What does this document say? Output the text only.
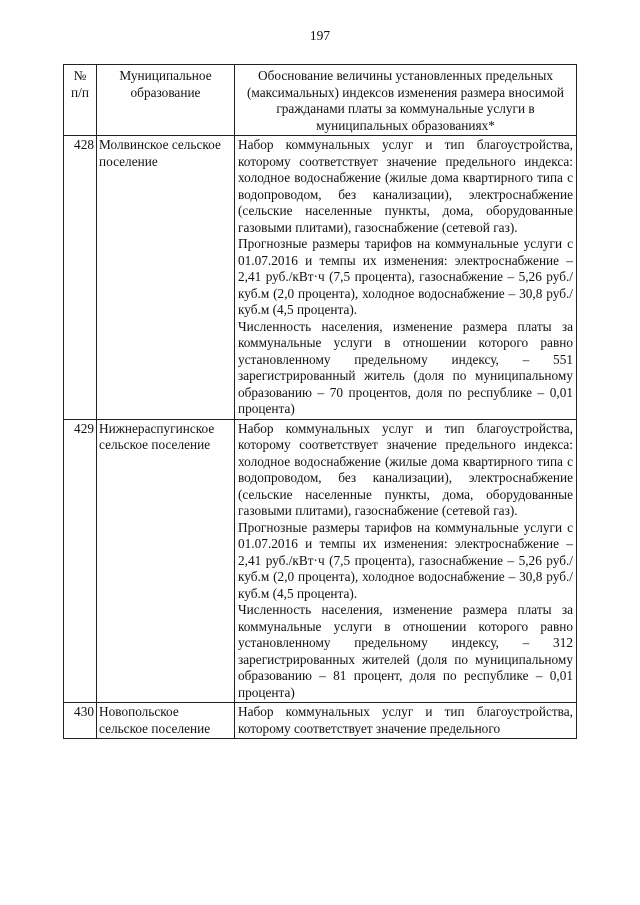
197
№ п/п	Муниципальное образование	Обоснование величины установленных предельных (максимальных) индексов изменения размера вносимой гражданами платы за коммунальные услуги в муниципальных образованиях*
428	Молвинское сельское поселение	Набор коммунальных услуг и тип благоустройства, которому соответствует значение предельного индекса: холодное водоснабжение (жилые дома квартирного типа с водопроводом, без канализации), электроснабжение (сельские населенные пункты, дома, оборудованные газовыми плитами), газоснабжение (сетевой газ).

Прогнозные размеры тарифов на коммунальные услуги с 01.07.2016 и темпы их изменения: электроснабжение – 2,41 руб./кВт·ч (7,5 процента), газоснабжение – 5,26 руб./куб.м (2,0 процента), холодное водоснабжение – 30,8 руб./куб.м (4,5 процента).

Численность населения, изменение размера платы за коммунальные услуги в отношении которого равно установленному предельному индексу, – 551 зарегистрированный житель (доля по муниципальному образованию – 70 процентов, доля по республике – 0,01 процента)

429	Нижнераспугинское сельское поселение	Набор коммунальных услуг и тип благоустройства, которому соответствует значение предельного индекса: холодное водоснабжение (жилые дома квартирного типа с водопроводом, без канализации), электроснабжение (сельские населенные пункты, дома, оборудованные газовыми плитами), газоснабжение (сетевой газ).

Прогнозные размеры тарифов на коммунальные услуги с 01.07.2016 и темпы их изменения: электроснабжение – 2,41 руб./кВт·ч (7,5 процента), газоснабжение – 5,26 руб./куб.м (2,0 процента), холодное водоснабжение – 30,8 руб./куб.м (4,5 процента).

Численность населения, изменение размера платы за коммунальные услуги в отношении которого равно установленному предельному индексу, – 312 зарегистрированных жителей (доля по муниципальному образованию – 81 процент, доля по республике – 0,01 процента)

430	Новопольское сельское поселение	Набор коммунальных услуг и тип благоустройства, которому соответствует значение предельного
